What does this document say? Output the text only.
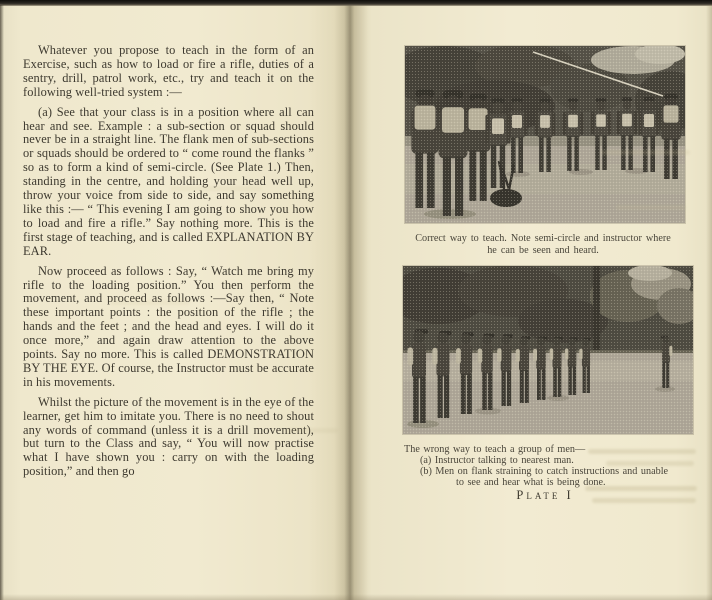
Whatever you propose to teach in the form of an Exercise, such as how to load or fire a rifle, duties of a sentry, drill, patrol work, etc., try and teach it on the following well-tried system :—

(a) See that your class is in a position where all can hear and see. Example : a sub-section or squad should never be in a straight line. The flank men of sub-sections or squads should be ordered to “ come round the flanks ” so as to form a kind of semi-circle. (See Plate 1.) Then, standing in the centre, and holding your head well up, throw your voice from side to side, and say something like this :— “ This evening I am going to show you how to load and fire a rifle.” Say nothing more. This is the first stage of teaching, and is called EXPLANATION BY EAR.

Now proceed as follows : Say, “ Watch me bring my rifle to the loading position.” You then perform the movement, and proceed as follows :—Say then, “ Note these important points : the position of the rifle ; the hands and the feet ; and the head and eyes. I will do it once more,” and again draw attention to the above points. Say no more. This is called DEMONSTRATION BY THE EYE. Of course, the Instructor must be accurate in his movements.

Whilst the picture of the movement is in the eye of the learner, get him to imitate you. There is no need to shout any words of command (unless it is a drill movement), but turn to the Class and say, “ You will now practise what I have shown you : carry on with the loading position,” and then go

Correct way to teach. Note semi-circle and instructor where
he can be seen and heard.
The wrong way to teach a group of men—
(a) Instructor talking to nearest man.
(b) Men on flank straining to catch instructions and unable
to see and hear what is being done.
Plate I
